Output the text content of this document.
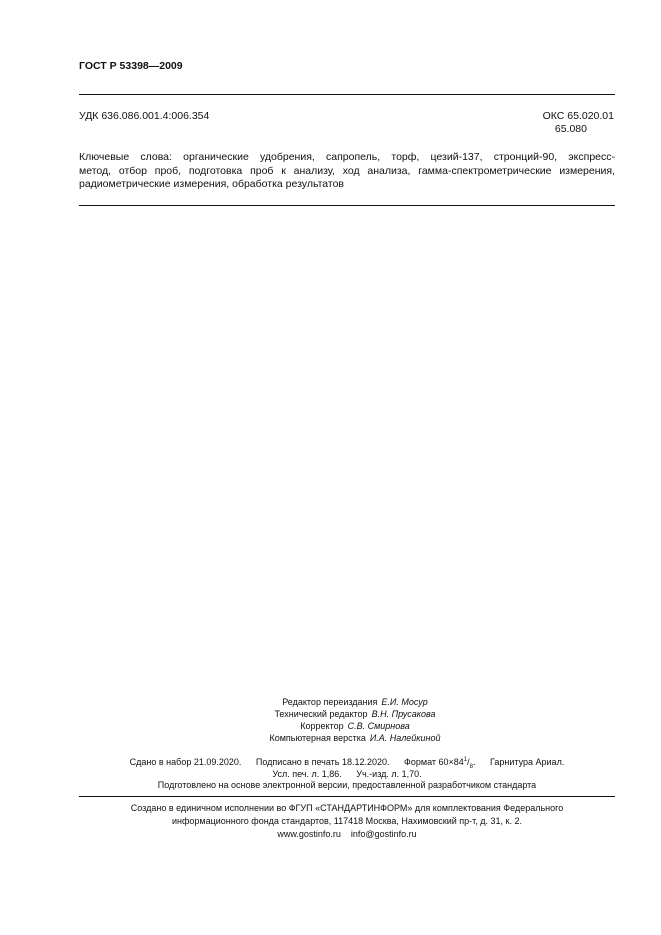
ГОСТ Р 53398—2009
УДК 636.086.001.4:006.354	ОКС 65.020.01
65.080
Ключевые слова: органические удобрения, сапропель, торф, цезий-137, стронций-90, экспресс-
метод, отбор проб, подготовка проб к анализу, ход анализа, гамма-спектрометрические измерения,
радиометрические измерения, обработка результатов
Редактор переиздания Е.И. Мосур
Технический редактор В.Н. Прусакова
Корректор С.В. Смирнова
Компьютерная верстка И.А. Налейкиной
Сдано в набор 21.09.2020. Подписано в печать 18.12.2020. Формат $60\times 84^1/_8$. Гарнитура Ариал.
Усл. печ. л. 1,86. Уч.-изд. л. 1,70.
Подготовлено на основе электронной версии, предоставленной разработчиком стандарта
Создано в единичном исполнении во ФГУП «СТАНДАРТИНФОРМ» для комплектования Федерального
информационного фонда стандартов, 117418 Москва, Нахимовский пр-т, д. 31, к. 2.
www.gostinfo.ru info@gostinfo.ru
